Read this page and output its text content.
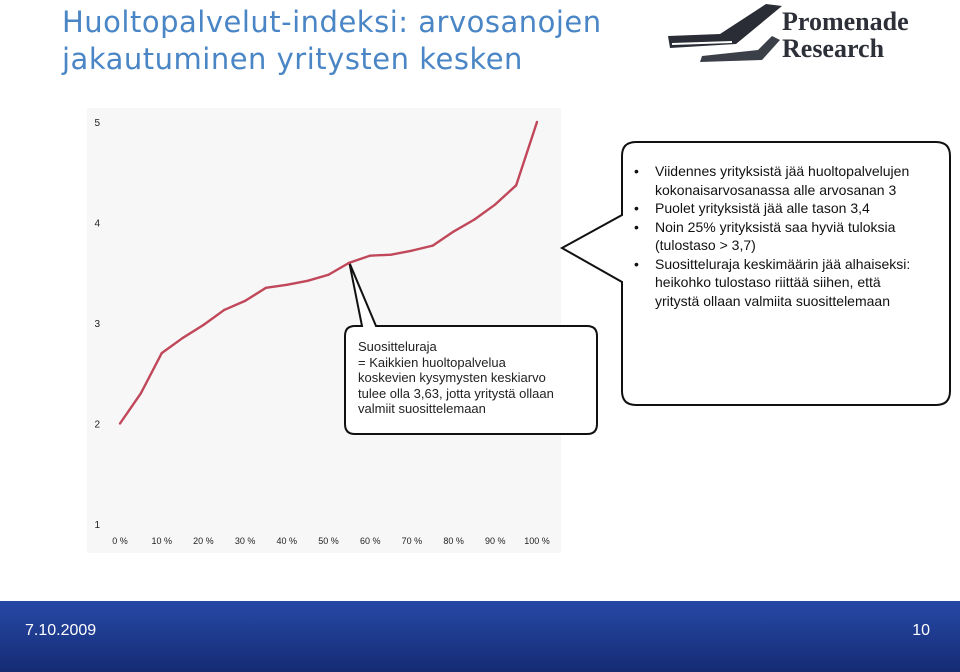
Huoltopalvelut-indeksi: arvosanojen jakautuminen yritysten kesken
Promenade
Research
1
2
3
4
5
0 %	10 % 20 % 30 % 40 % 50 % 60 % 70 % 80 % 90 % 100 %
Suositteluraja
= Kaikkien huoltopalvelua
koskevien kysymysten keskiarvo
tulee olla 3,63, jotta yritystä ollaan
valmiit suosittelemaan
• Viidennes yrityksistä jää huoltopalvelujen kokonaisarvosanassa alle arvosanan 3
• Puolet yrityksistä jää alle tason 3,4
• Noin 25% yrityksistä saa hyviä tuloksia (tulostaso > 3,7)
• Suositteluraja keskimäärin jää alhaiseksi: heikohko tulostaso riittää siihen, että yritystä ollaan valmiita suosittelemaan
7.10.2009	10
